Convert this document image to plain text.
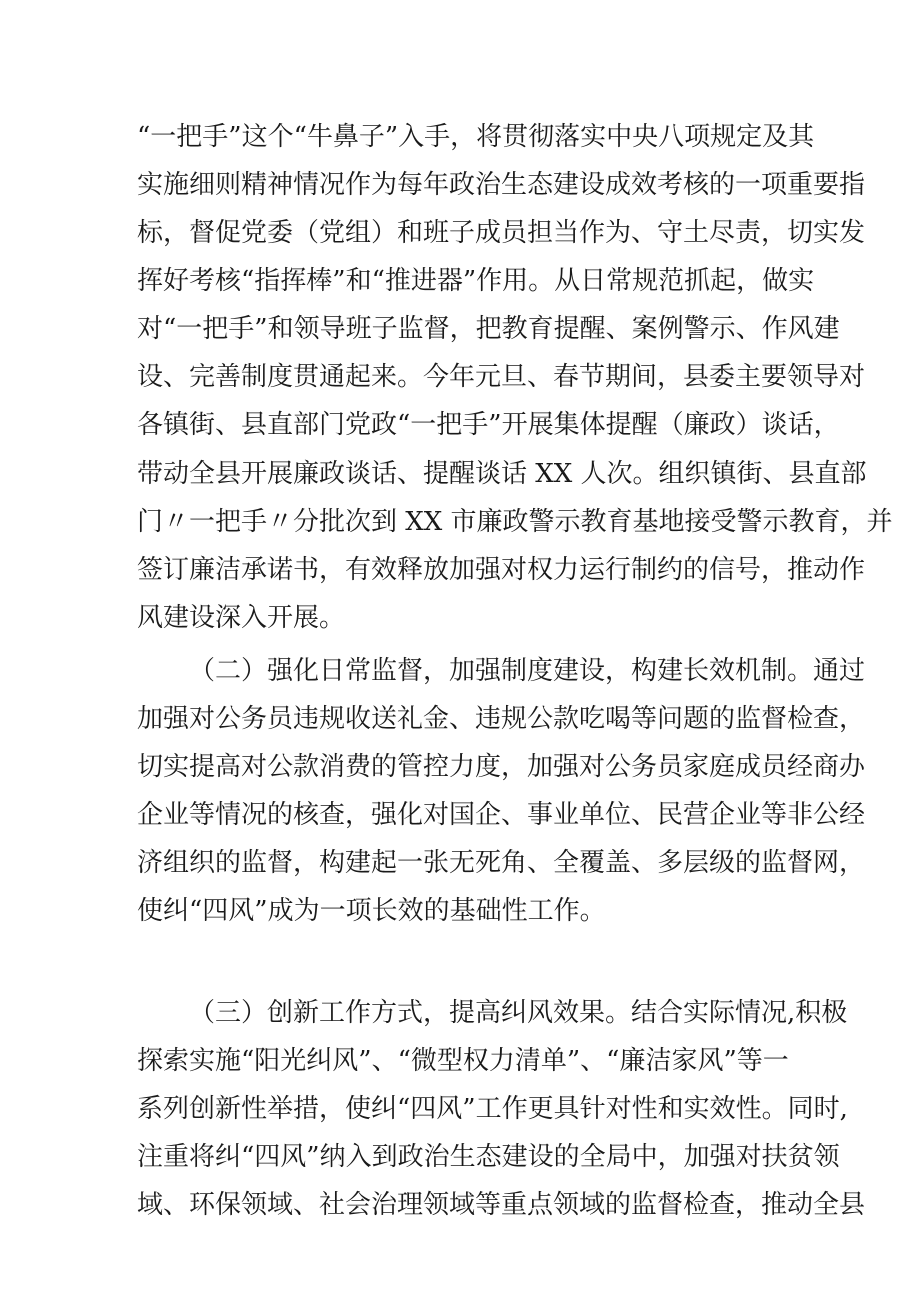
“一把手”这个“牛鼻子”入手，将贯彻落实中央八项规定及其
实施细则精神情况作为每年政治生态建设成效考核的一项重要指
标，督促党委（党组）和班子成员担当作为、守土尽责，切实发
挥好考核“指挥棒”和“推进器”作用。从日常规范抓起，做实
对“一把手”和领导班子监督，把教育提醒、案例警示、作风建
设、完善制度贯通起来。今年元旦、春节期间，县委主要领导对
各镇街、县直部门党政“一把手”开展集体提醒（廉政）谈话，
带动全县开展廉政谈话、提醒谈话 XX 人次。组织镇街、县直部
门〃一把手〃分批次到 XX 市廉政警示教育基地接受警示教育，并
签订廉洁承诺书，有效释放加强对权力运行制约的信号，推动作
风建设深入开展。
（二）强化日常监督，加强制度建设，构建长效机制。通过
加强对公务员违规收送礼金、违规公款吃喝等问题的监督检查，
切实提高对公款消费的管控力度，加强对公务员家庭成员经商办
企业等情况的核查，强化对国企、事业单位、民营企业等非公经
济组织的监督，构建起一张无死角、全覆盖、多层级的监督网，
使纠“四风”成为一项长效的基础性工作。
（三）创新工作方式，提高纠风效果。结合实际情况,积极
探索实施“阳光纠风”、“微型权力清单”、“廉洁家风”等一
系列创新性举措，使纠“四风”工作更具针对性和实效性。同时,
注重将纠“四风”纳入到政治生态建设的全局中，加强对扶贫领
域、环保领域、社会治理领域等重点领域的监督检查，推动全县
